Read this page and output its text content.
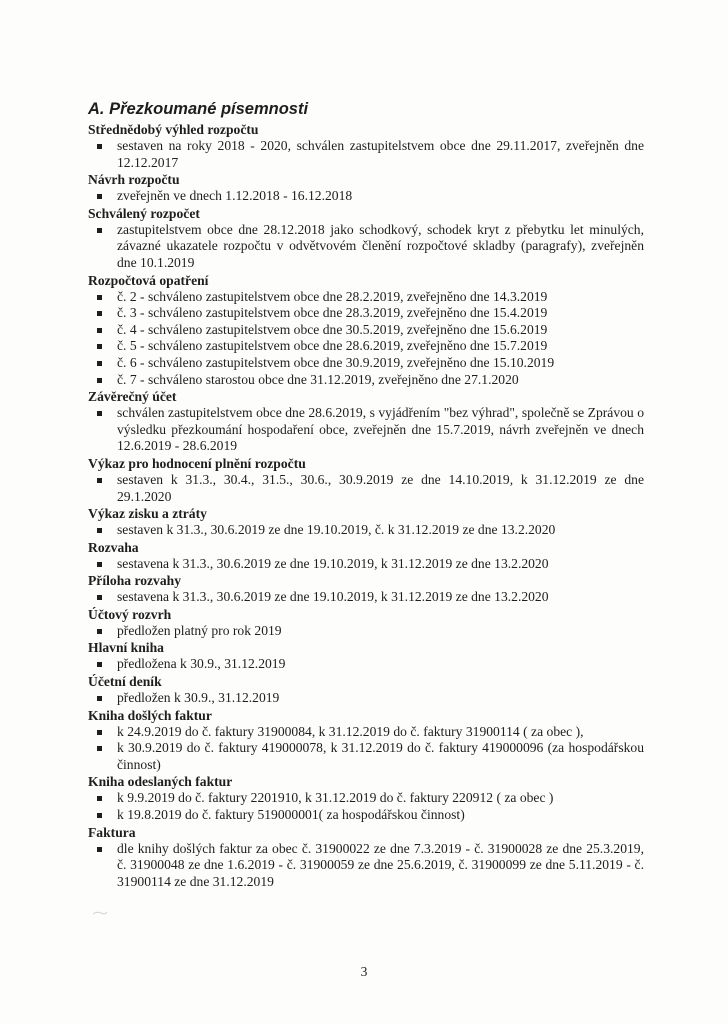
A. Přezkoumané písemnosti
Střednědobý výhled rozpočtu
sestaven na roky 2018 - 2020, schválen zastupitelstvem obce dne 29.11.2017, zveřejněn dne 12.12.2017
Návrh rozpočtu
zveřejněn ve dnech 1.12.2018 - 16.12.2018
Schválený rozpočet
zastupitelstvem obce dne 28.12.2018 jako schodkový, schodek kryt z přebytku let minulých, závazné ukazatele rozpočtu v odvětvovém členění rozpočtové skladby (paragrafy), zveřejněn dne 10.1.2019
Rozpočtová opatření
č. 2 - schváleno zastupitelstvem obce dne 28.2.2019, zveřejněno dne 14.3.2019
č. 3 - schváleno zastupitelstvem obce dne 28.3.2019, zveřejněno dne 15.4.2019
č. 4 - schváleno zastupitelstvem obce dne 30.5.2019, zveřejněno dne 15.6.2019
č. 5 - schváleno zastupitelstvem obce dne 28.6.2019, zveřejněno dne 15.7.2019
č. 6 - schváleno zastupitelstvem obce dne 30.9.2019, zveřejněno dne 15.10.2019
č. 7 - schváleno starostou obce dne 31.12.2019, zveřejněno dne 27.1.2020
Závěrečný účet
schválen zastupitelstvem obce dne 28.6.2019, s vyjádřením "bez výhrad", společně se Zprávou o výsledku přezkoumání hospodaření obce, zveřejněn dne 15.7.2019, návrh zveřejněn ve dnech 12.6.2019 - 28.6.2019
Výkaz pro hodnocení plnění rozpočtu
sestaven k 31.3., 30.4., 31.5., 30.6., 30.9.2019 ze dne 14.10.2019, k 31.12.2019 ze dne 29.1.2020
Výkaz zisku a ztráty
sestaven k 31.3., 30.6.2019 ze dne 19.10.2019, č. k 31.12.2019 ze dne 13.2.2020
Rozvaha
sestavena k 31.3., 30.6.2019 ze dne 19.10.2019, k 31.12.2019 ze dne 13.2.2020
Příloha rozvahy
sestavena k 31.3., 30.6.2019 ze dne 19.10.2019, k 31.12.2019 ze dne 13.2.2020
Účtový rozvrh
předložen platný pro rok 2019
Hlavní kniha
předložena k 30.9., 31.12.2019
Účetní deník
předložen k 30.9., 31.12.2019
Kniha došlých faktur
k 24.9.2019 do č. faktury 31900084, k 31.12.2019 do č. faktury 31900114 ( za obec ),
k 30.9.2019 do č. faktury 419000078, k 31.12.2019 do č. faktury 419000096 (za hospodářskou činnost)
Kniha odeslaných faktur
k 9.9.2019 do č. faktury 2201910, k 31.12.2019 do č. faktury 220912 ( za obec )
k 19.8.2019 do č. faktury 519000001( za hospodářskou činnost)
Faktura
dle knihy došlých faktur za obec č. 31900022 ze dne 7.3.2019 - č. 31900028 ze dne 25.3.2019, č. 31900048 ze dne 1.6.2019 - č. 31900059 ze dne 25.6.2019, č. 31900099 ze dne 5.11.2019 - č. 31900114 ze dne 31.12.2019
3
